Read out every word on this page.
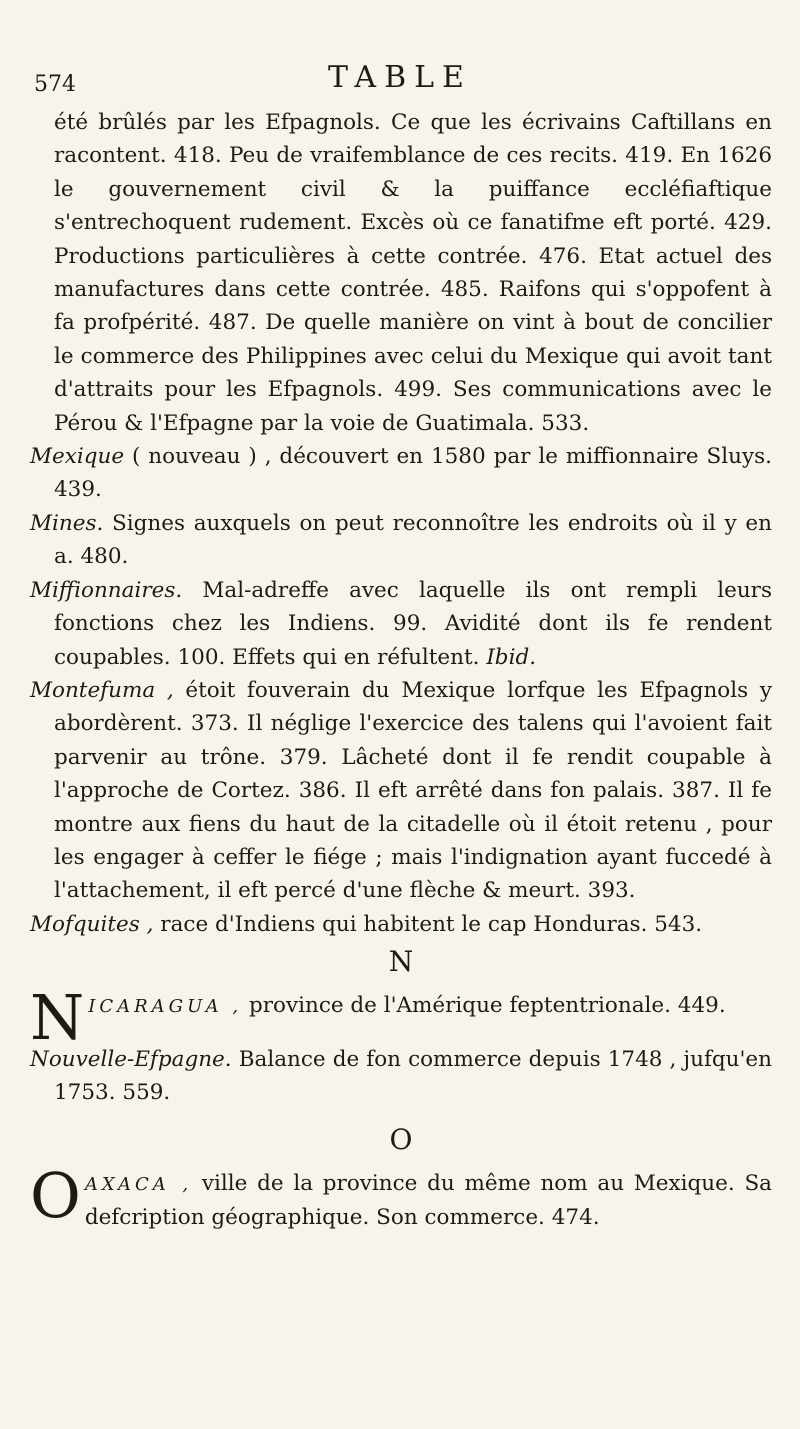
574	TABLE

été brûlés par les Efpagnols. Ce que les écrivains Caftillans en racontent. 418. Peu de vraifemblance de ces recits. 419. En 1626 le gouvernement civil & la puiffance eccléfiaftique s'entrechoquent rudement. Excès où ce fanatifme eft porté. 429. Productions particulières à cette contrée. 476. Etat actuel des manufactures dans cette contrée. 485. Raifons qui s'oppofent à fa profpérité. 487. De quelle manière on vint à bout de concilier le commerce des Philippines avec celui du Mexique qui avoit tant d'attraits pour les Efpagnols. 499. Ses communications avec le Pérou & l'Efpagne par la voie de Guatimala. 533.

Mexique ( nouveau ) , découvert en 1580 par le miffionnaire Sluys. 439.

Mines. Signes auxquels on peut reconnoître les endroits où il y en a. 480.

Miffionnaires. Mal-adreffe avec laquelle ils ont rempli leurs fonctions chez les Indiens. 99. Avidité dont ils fe rendent coupables. 100. Effets qui en réfultent. Ibid.

Montefuma , étoit fouverain du Mexique lorfque les Efpagnols y abordèrent. 373. Il néglige l'exercice des talens qui l'avoient fait parvenir au trône. 379. Lâcheté dont il fe rendit coupable à l'approche de Cortez. 386. Il eft arrêté dans fon palais. 387. Il fe montre aux fiens du haut de la citadelle où il étoit retenu , pour les engager à ceffer le fiége ; mais l'indignation ayant fuccedé à l'attachement, il eft percé d'une flèche & meurt. 393.

Mofquites , race d'Indiens qui habitent le cap Honduras. 543.

N

NICARAGUA , province de l'Amérique feptentrionale. 449.

Nouvelle-Efpagne. Balance de fon commerce depuis 1748 , jufqu'en 1753. 559.

O

OAXACA , ville de la province du même nom au Mexique. Sa defcription géographique. Son commerce. 474.
